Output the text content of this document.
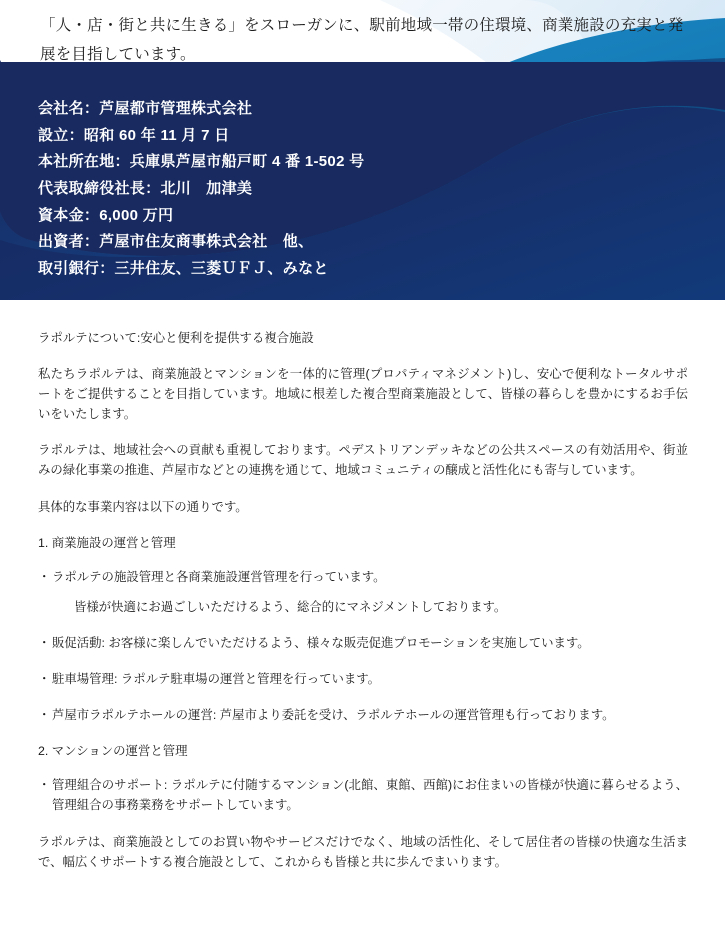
「人・店・街と共に生きる」をスローガンに、駅前地域一帯の住環境、商業施設の充実と発展を目指しています。
会社名：芦屋都市管理株式会社
設立：昭和 60 年 11 月 7 日
本社所在地：兵庫県芦屋市船戸町 4 番 1-502 号
代表取締役社長：北川　加津美
資本金：6,000 万円
出資者：芦屋市住友商事株式会社　他、
取引銀行：三井住友、三菱ＵＦＪ、みなと
ラポルテについて:安心と便利を提供する複合施設

私たちラポルテは、商業施設とマンションを一体的に管理(プロパティマネジメント)し、安心で便利なトータルサポートをご提供することを目指しています。地域に根差した複合型商業施設として、皆様の暮らしを豊かにするお手伝いをいたします。

ラポルテは、地域社会への貢献も重視しております。ペデストリアンデッキなどの公共スペースの有効活用や、街並みの緑化事業の推進、芦屋市などとの連携を通じて、地域コミュニティの醸成と活性化にも寄与しています。

具体的な事業内容は以下の通りです。

1. 商業施設の運営と管理
・ ラポルテの施設管理と各商業施設運営管理を行っています。
皆様が快適にお過ごしいただけるよう、総合的にマネジメントしております。
・ 販促活動: お客様に楽しんでいただけるよう、様々な販売促進プロモーションを実施しています。
・ 駐車場管理: ラポルテ駐車場の運営と管理を行っています。
・ 芦屋市ラポルテホールの運営: 芦屋市より委託を受け、ラポルテホールの運営管理も行っております。
2. マンションの運営と管理
・ 管理組合のサポート: ラポルテに付随するマンション(北館、東館、西館)にお住まいの皆様が快適に暮らせるよう、管理組合の事務業務をサポートしています。

ラポルテは、商業施設としてのお買い物やサービスだけでなく、地域の活性化、そして居住者の皆様の快適な生活まで、幅広くサポートする複合施設として、これからも皆様と共に歩んでまいります。
